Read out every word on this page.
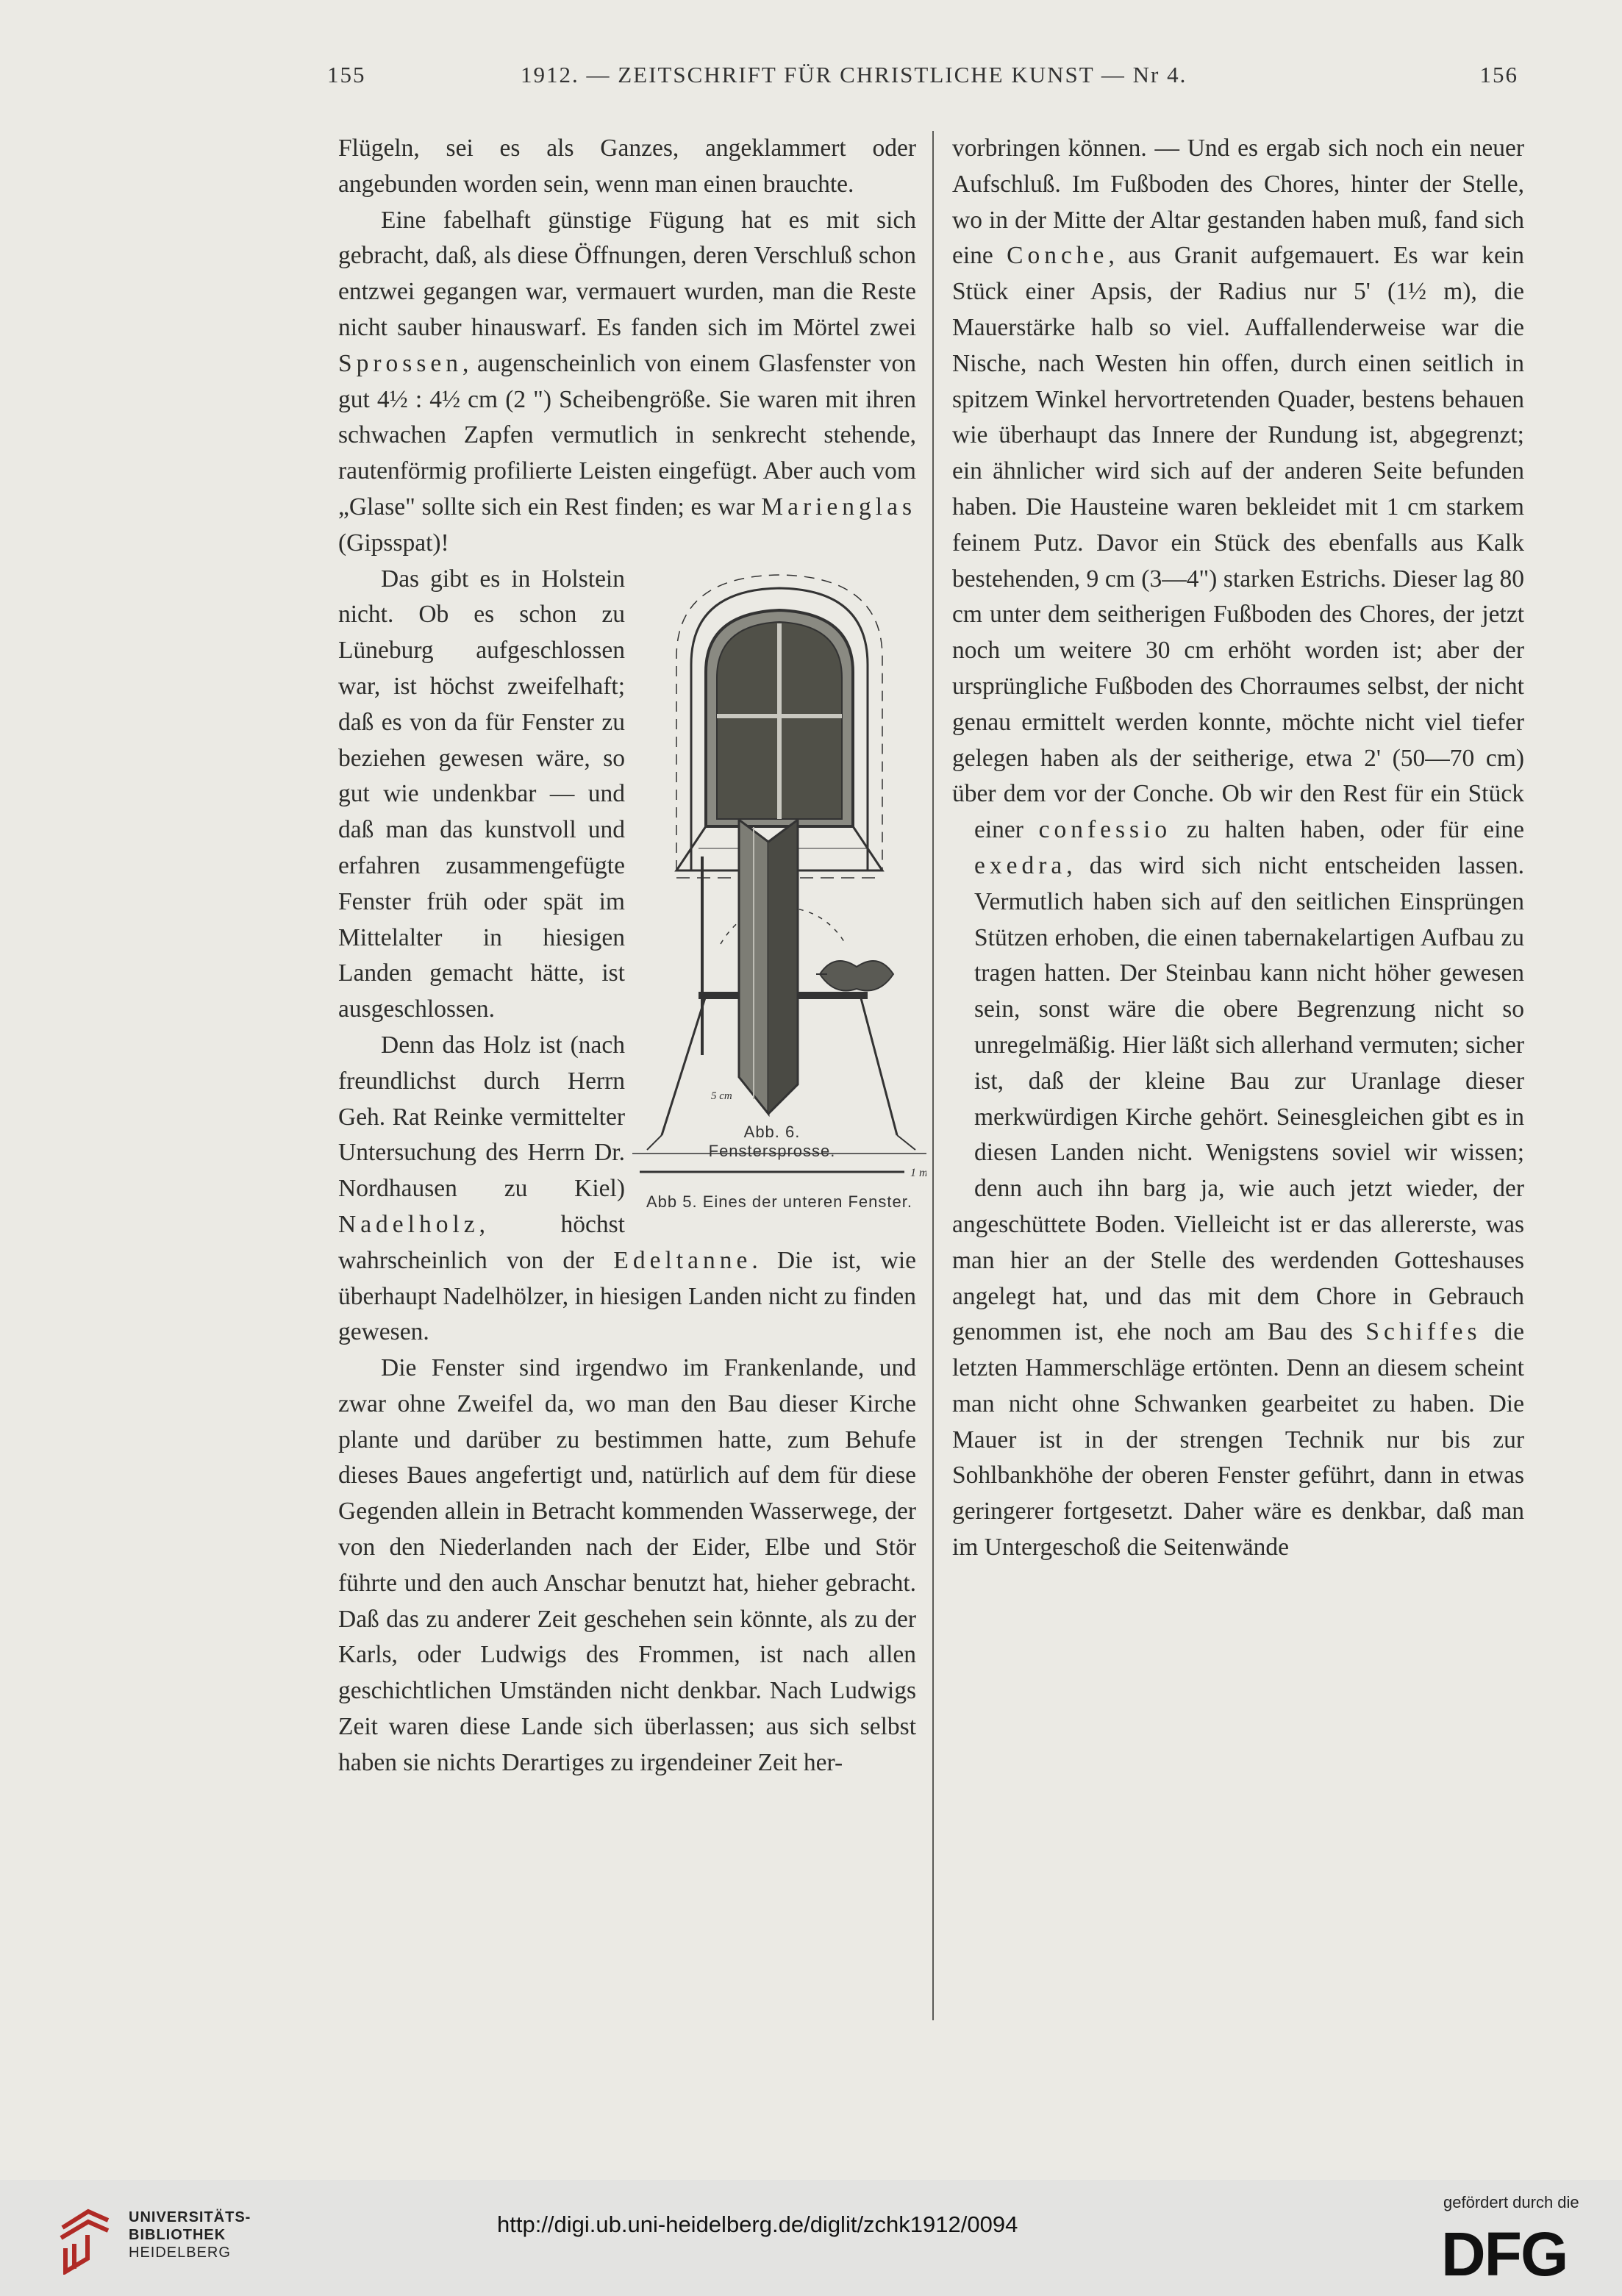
155	1912. — ZEITSCHRIFT FÜR CHRISTLICHE KUNST — Nr 4.	156

Flügeln, sei es als Ganzes, angeklammert oder angebunden worden sein, wenn man einen brauchte.

Eine fabelhaft günstige Fügung hat es mit sich gebracht, daß, als diese Öffnungen, deren Verschluß schon entzwei gegangen war, vermauert wurden, man die Reste nicht sauber hinauswarf. Es fanden sich im Mörtel zwei Sprossen, augenscheinlich von einem Glasfenster von gut 4½ : 4½ cm (2 ") Scheibengröße. Sie waren mit ihren schwachen Zapfen vermutlich in senkrecht stehende, rautenförmig profilierte Leisten eingefügt. Aber auch vom „Glase" sollte sich ein Rest finden; es war Marienglas (Gipsspat)!

1 m
Abb 5. Eines der unteren Fenster.

Das gibt es in Holstein nicht. Ob es schon zu Lüneburg aufgeschlossen war, ist höchst zweifelhaft; daß es von da für Fenster zu beziehen gewesen wäre, so gut wie undenkbar — und daß man das kunstvoll und erfahren zusammengefügte Fenster früh oder spät im Mittelalter in hiesigen Landen gemacht hätte, ist ausgeschlossen.

Denn das Holz ist (nach freundlichst durch Herrn Geh. Rat Reinke vermittelter Untersuchung des Herrn Dr. Nordhausen zu Kiel) Nadelholz, höchst wahrscheinlich von der Edeltanne. Die ist, wie überhaupt Nadelhölzer, in hiesigen Landen nicht zu finden gewesen.

Die Fenster sind irgendwo im Frankenlande, und zwar ohne Zweifel da, wo man den Bau dieser Kirche plante und darüber zu bestimmen hatte, zum Behufe dieses Baues angefertigt und, natürlich auf dem für diese Gegenden allein in Betracht kommenden Wasserwege, der von den Niederlanden nach der Eider, Elbe und Stör führte und den auch Anschar benutzt hat, hieher gebracht. Daß das zu anderer Zeit geschehen sein könnte, als zu der Karls, oder Ludwigs des Frommen, ist nach allen geschichtlichen Umständen nicht denkbar. Nach Ludwigs Zeit waren diese Lande sich überlassen; aus sich selbst haben sie nichts Derartiges zu irgendeiner Zeit her-

vorbringen können. — Und es ergab sich noch ein neuer Aufschluß. Im Fußboden des Chores, hinter der Stelle, wo in der Mitte der Altar gestanden haben muß, fand sich eine Conche, aus Granit aufgemauert. Es war kein Stück einer Apsis, der Radius nur 5' (1½ m), die Mauerstärke halb so viel. Auffallenderweise war die Nische, nach Westen hin offen, durch einen seitlich in spitzem Winkel hervortretenden Quader, bestens behauen wie überhaupt das Innere der Rundung ist, abgegrenzt; ein ähnlicher wird sich auf der anderen Seite befunden haben. Die Hausteine waren bekleidet mit 1 cm starkem feinem Putz. Davor ein Stück des ebenfalls aus Kalk bestehenden, 9 cm (3—4") starken Estrichs. Dieser lag 80 cm unter dem seitherigen Fußboden des Chores, der jetzt noch um weitere 30 cm erhöht worden ist; aber der ursprüngliche Fußboden des Chorraumes selbst, der nicht genau ermittelt werden konnte, möchte nicht viel tiefer gelegen haben als der seitherige, etwa 2' (50—70 cm) über dem vor der Conche. Ob wir den Rest für ein Stück einer confessio
5 cm
Abb. 6. Fenstersprosse.
zu halten haben, oder für eine exedra, das wird sich nicht entscheiden lassen. Vermutlich haben sich auf den seitlichen Einsprüngen Stützen erhoben, die einen tabernakelartigen Aufbau zu tragen hatten. Der Steinbau kann nicht höher gewesen sein, sonst wäre die obere Begrenzung nicht so unregelmäßig. Hier läßt sich allerhand vermuten; sicher ist, daß der kleine Bau zur Uranlage dieser merkwürdigen Kirche gehört. Seinesgleichen gibt es in diesen Landen nicht. Wenigstens soviel wir wissen; denn auch ihn barg ja, wie auch jetzt wieder, der angeschüttete Boden. Vielleicht ist er das allererste, was man hier an der Stelle des werdenden Gotteshauses angelegt hat, und das mit dem Chore in Gebrauch genommen ist, ehe noch am Bau des Schiffes die letzten Hammerschläge ertönten. Denn an diesem scheint man nicht ohne Schwanken gearbeitet zu haben. Die Mauer ist in der strengen Technik nur bis zur Sohlbankhöhe der oberen Fenster geführt, dann in etwas geringerer fortgesetzt. Daher wäre es denkbar, daß man im Untergeschoß die Seitenwände

UNIVERSITÄTS-
BIBLIOTHEK
HEIDELBERG
http://digi.ub.uni-heidelberg.de/diglit/zchk1912/0094
gefördert durch die
DFG
